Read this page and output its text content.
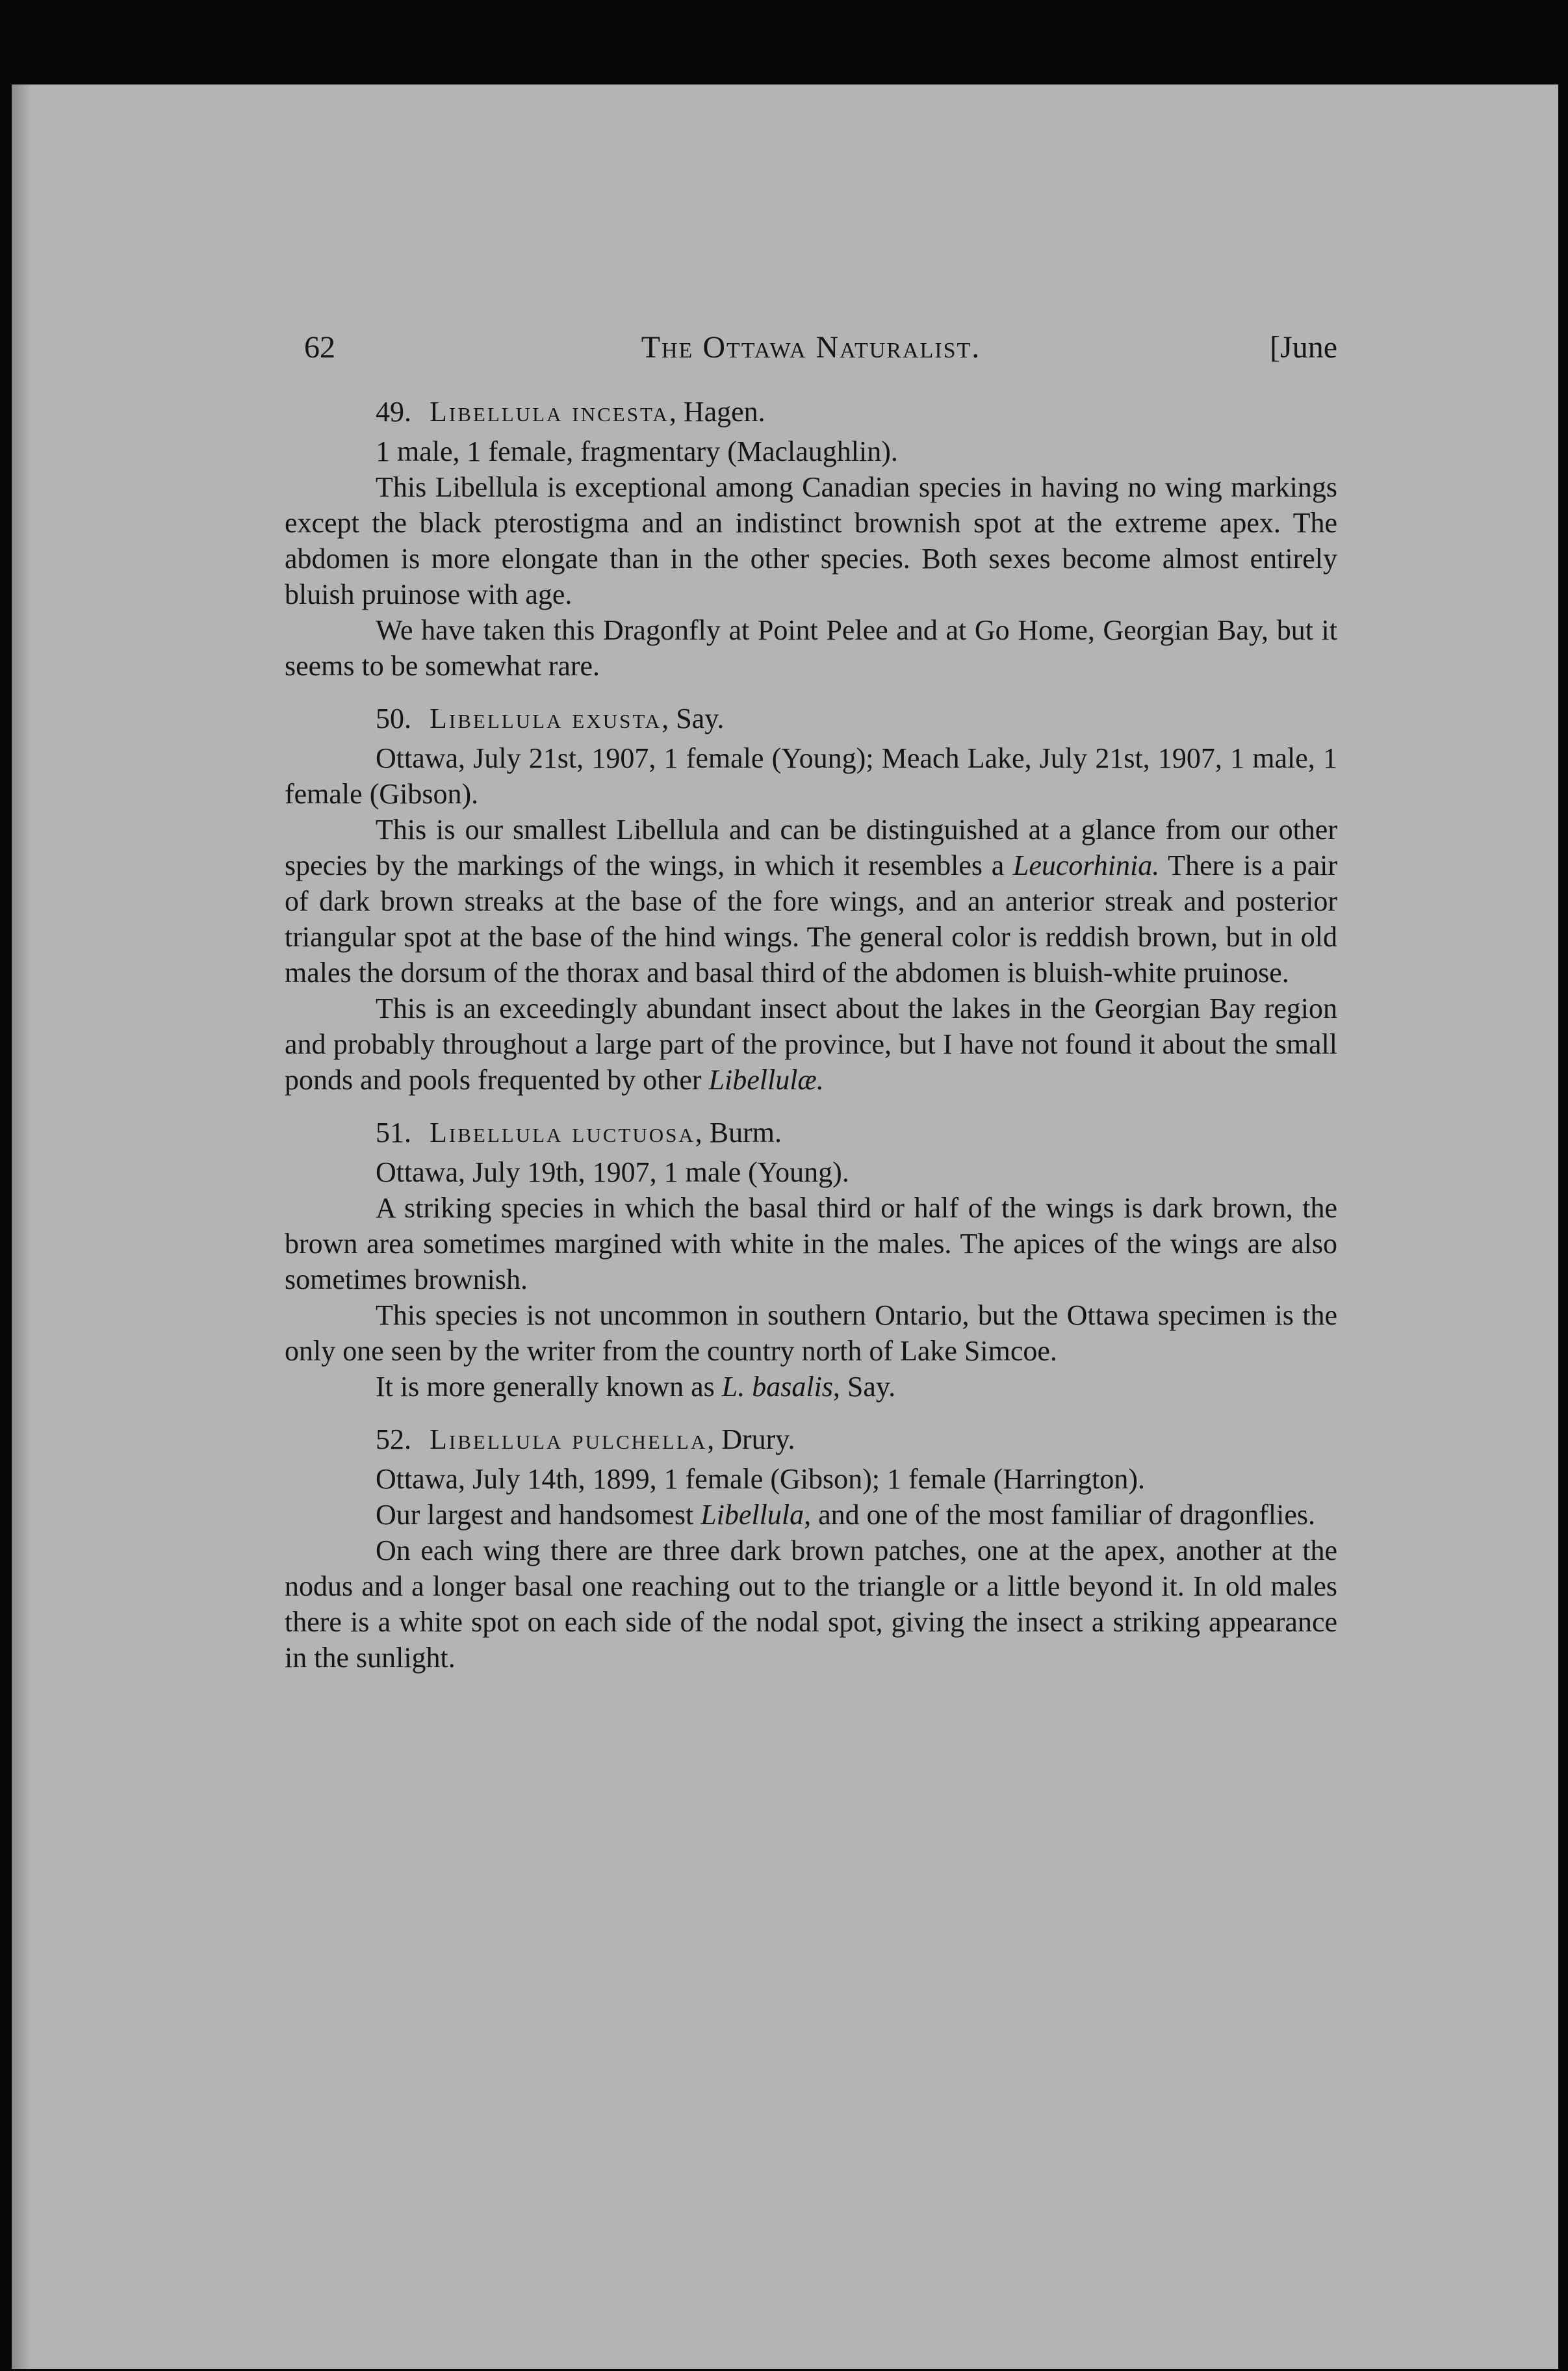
62	The Ottawa Naturalist.	[June

49. Libellula incesta, Hagen.

1 male, 1 female, fragmentary (Maclaughlin).

This Libellula is exceptional among Canadian species in having no wing markings except the black pterostigma and an indistinct brownish spot at the extreme apex. The abdomen is more elongate than in the other species. Both sexes become almost entirely bluish pruinose with age.

We have taken this Dragonfly at Point Pelee and at Go Home, Georgian Bay, but it seems to be somewhat rare.

50. Libellula exusta, Say.

Ottawa, July 21st, 1907, 1 female (Young); Meach Lake, July 21st, 1907, 1 male, 1 female (Gibson).

This is our smallest Libellula and can be distinguished at a glance from our other species by the markings of the wings, in which it resembles a Leucorhinia. There is a pair of dark brown streaks at the base of the fore wings, and an anterior streak and posterior triangular spot at the base of the hind wings. The general color is reddish brown, but in old males the dorsum of the thorax and basal third of the abdomen is bluish-white pruinose.

This is an exceedingly abundant insect about the lakes in the Georgian Bay region and probably throughout a large part of the province, but I have not found it about the small ponds and pools frequented by other Libellulæ.

51. Libellula luctuosa, Burm.

Ottawa, July 19th, 1907, 1 male (Young).

A striking species in which the basal third or half of the wings is dark brown, the brown area sometimes margined with white in the males. The apices of the wings are also sometimes brownish.

This species is not uncommon in southern Ontario, but the Ottawa specimen is the only one seen by the writer from the country north of Lake Simcoe.

It is more generally known as L. basalis, Say.

52. Libellula pulchella, Drury.

Ottawa, July 14th, 1899, 1 female (Gibson); 1 female (Harrington).

Our largest and handsomest Libellula, and one of the most familiar of dragonflies.

On each wing there are three dark brown patches, one at the apex, another at the nodus and a longer basal one reaching out to the triangle or a little beyond it. In old males there is a white spot on each side of the nodal spot, giving the insect a striking appearance in the sunlight.
